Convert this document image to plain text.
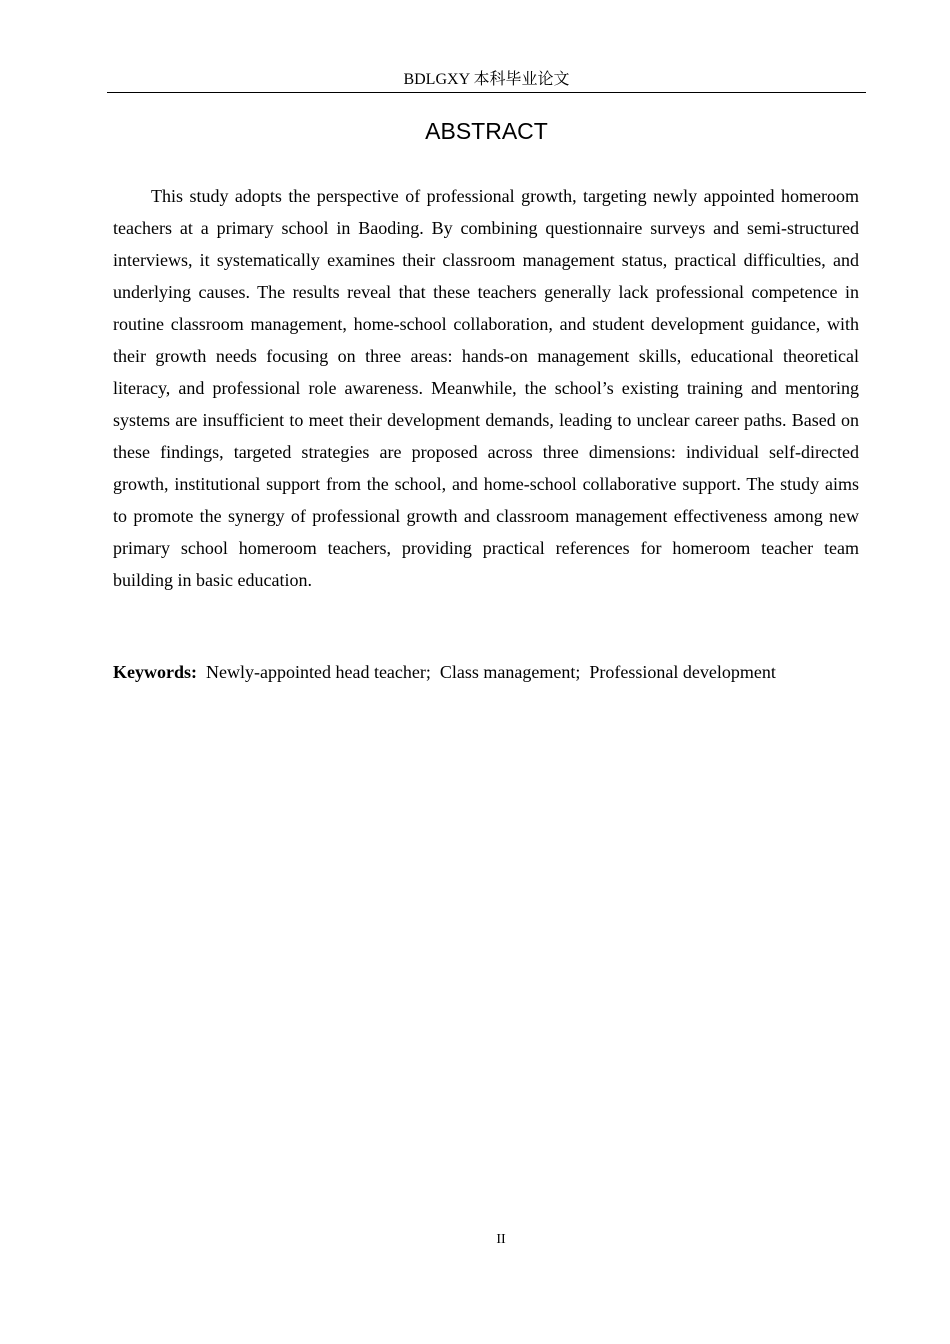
BDLGXY 本科毕业论文
ABSTRACT

This study adopts the perspective of professional growth, targeting newly appointed homeroom teachers at a primary school in Baoding. By combining questionnaire surveys and semi-structured interviews, it systematically examines their classroom management status, practical difficulties, and underlying causes. The results reveal that these teachers generally lack professional competence in routine classroom management, home-school collaboration, and student development guidance, with their growth needs focusing on three areas: hands-on management skills, educational theoretical literacy, and professional role awareness. Meanwhile, the school’s existing training and mentoring systems are insufficient to meet their development demands, leading to unclear career paths. Based on these findings, targeted strategies are proposed across three dimensions: individual self-directed growth, institutional support from the school, and home-school collaborative support. The study aims to promote the synergy of professional growth and classroom management effectiveness among new primary school homeroom teachers, providing practical references for homeroom teacher team building in basic education.

Keywords: Newly-appointed head teacher; Class management; Professional development

II
